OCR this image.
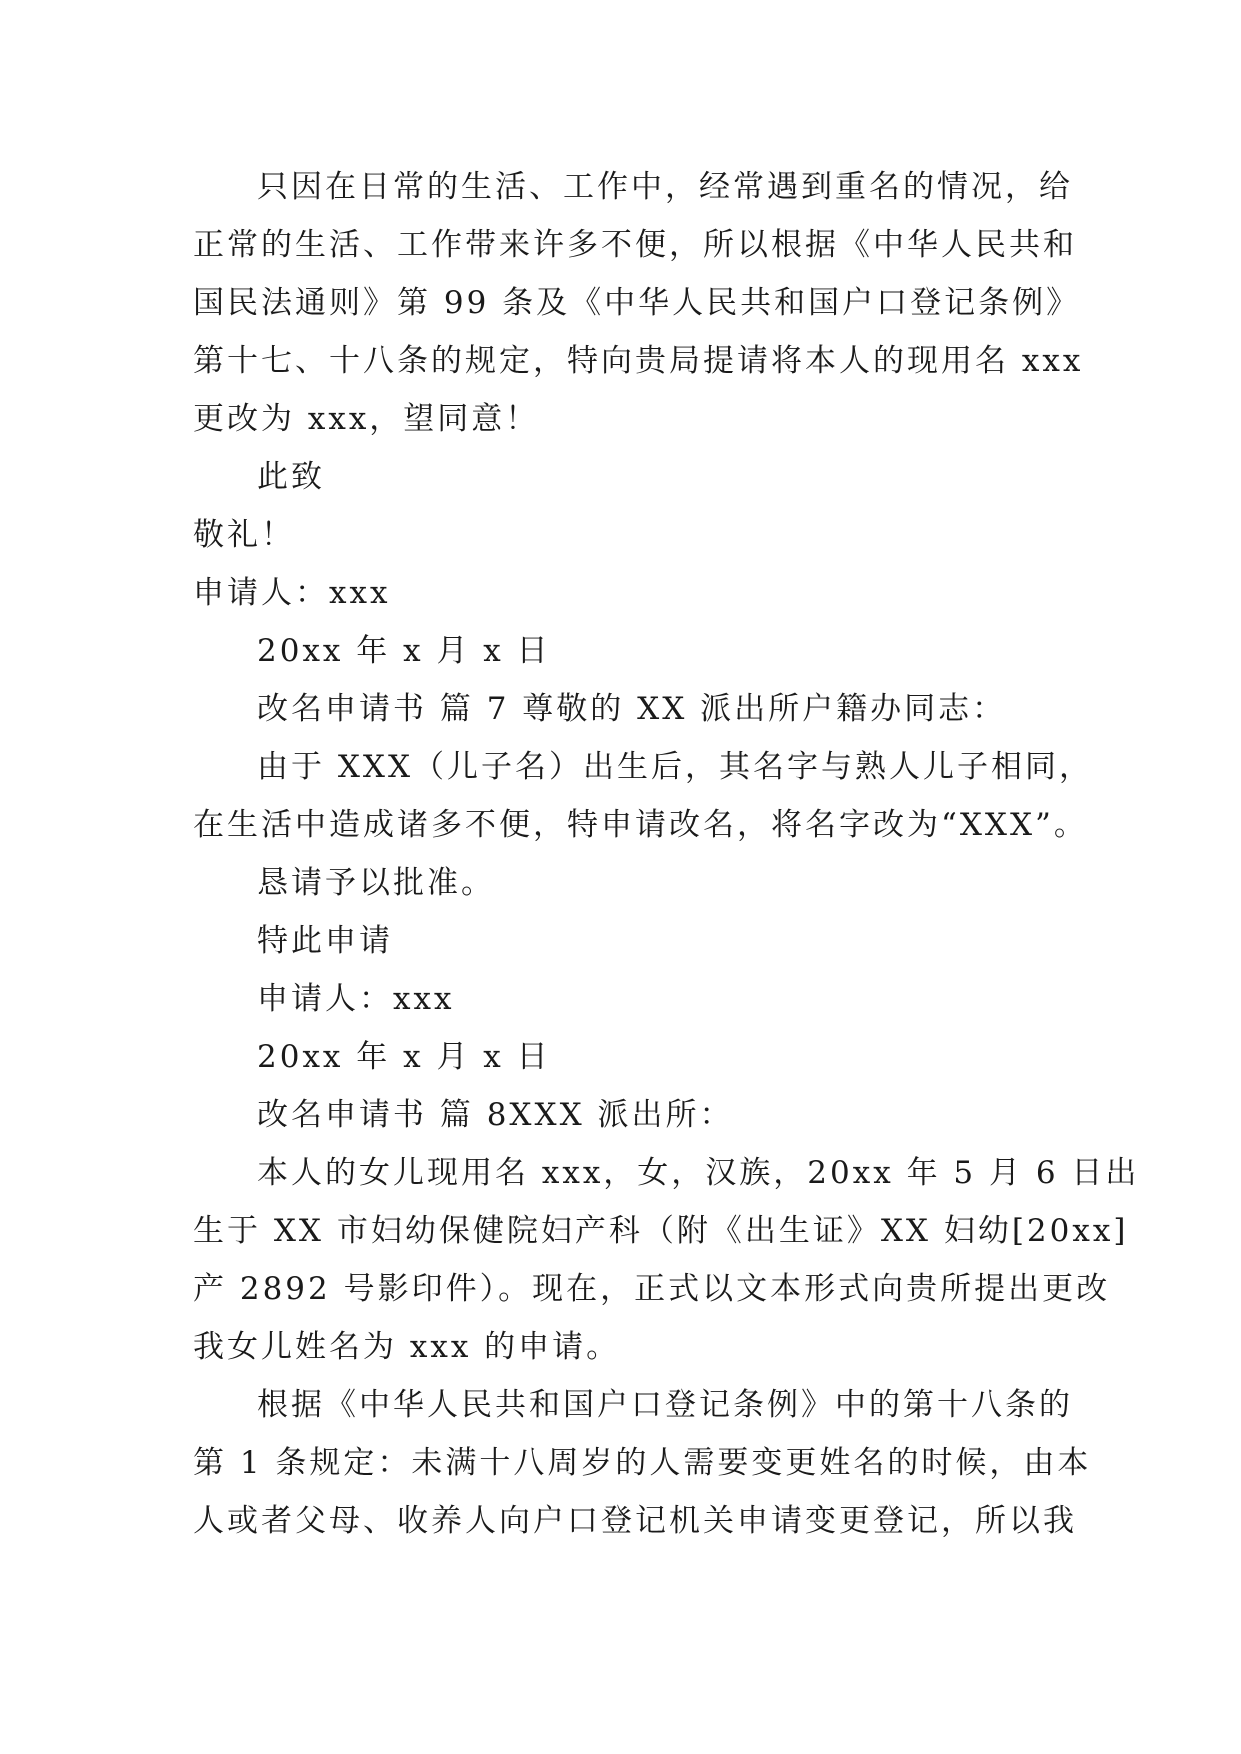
只因在日常的生活、工作中，经常遇到重名的情况，给
正常的生活、工作带来许多不便，所以根据《中华人民共和
国民法通则》第 99 条及《中华人民共和国户口登记条例》
第十七、十八条的规定，特向贵局提请将本人的现用名 xxx
更改为 xxx，望同意！
此致
敬礼！
申请人：xxx
20xx 年 x 月 x 日
改名申请书 篇 7 尊敬的 XX 派出所户籍办同志：
由于 XXX（儿子名）出生后，其名字与熟人儿子相同，
在生活中造成诸多不便，特申请改名，将名字改为“XXX”。
恳请予以批准。
特此申请
申请人：xxx
20xx 年 x 月 x 日
改名申请书 篇 8XXX 派出所：
本人的女儿现用名 xxx，女，汉族，20xx 年 5 月 6 日出
生于 XX 市妇幼保健院妇产科（附《出生证》XX 妇幼[20xx]
产 2892 号影印件）。现在，正式以文本形式向贵所提出更改
我女儿姓名为 xxx 的申请。
根据《中华人民共和国户口登记条例》中的第十八条的
第 1 条规定：未满十八周岁的人需要变更姓名的时候，由本
人或者父母、收养人向户口登记机关申请变更登记，所以我
